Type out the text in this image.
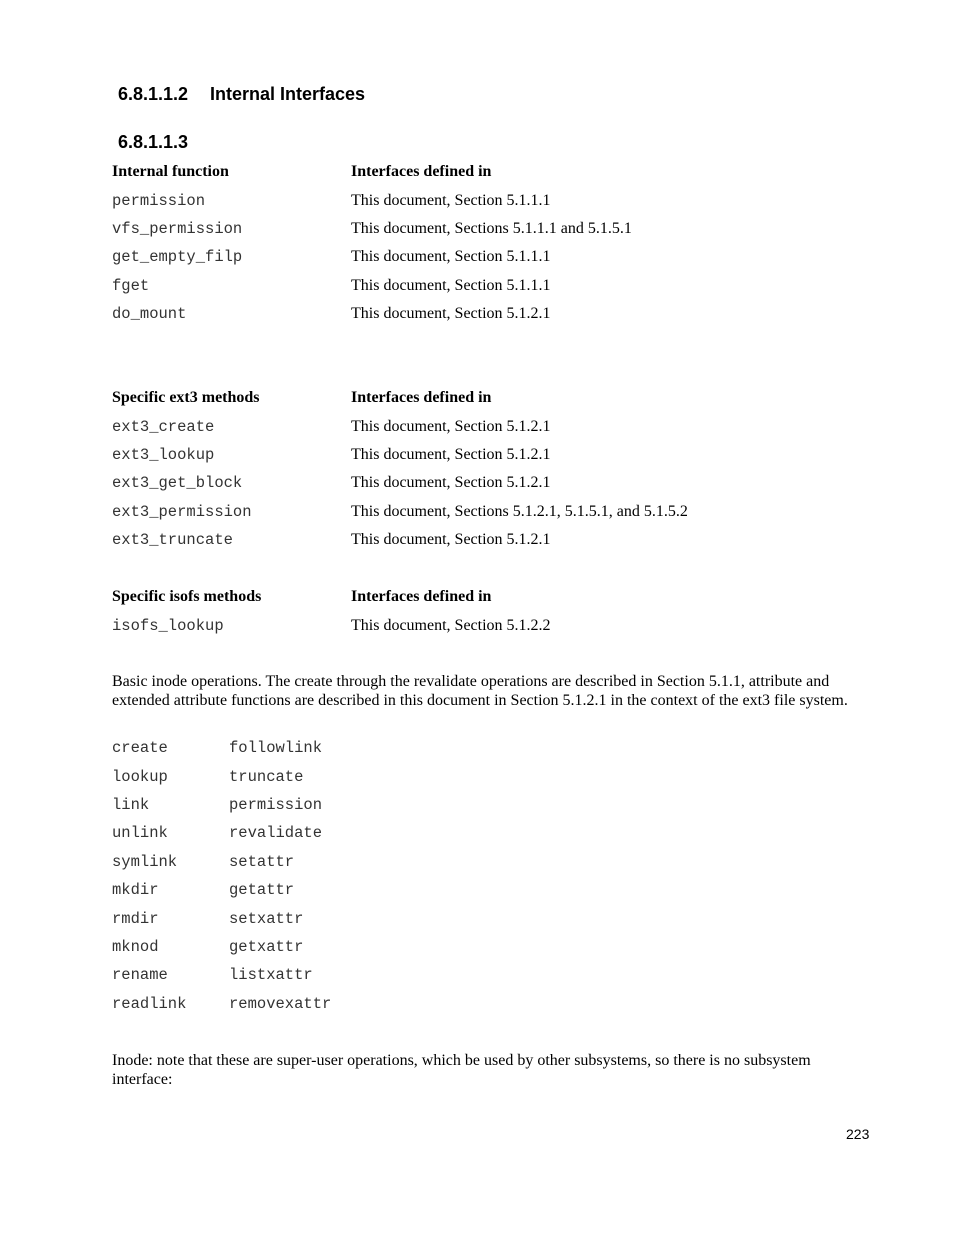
6.8.1.1.2 Internal Interfaces
6.8.1.1.3
Internal function	Interfaces defined in
permission	This document, Section 5.1.1.1
vfs_permission	This document, Sections 5.1.1.1 and 5.1.5.1
get_empty_filp	This document, Section 5.1.1.1
fget	This document, Section 5.1.1.1
do_mount	This document, Section 5.1.2.1
Specific ext3 methods	Interfaces defined in
ext3_create	This document, Section 5.1.2.1
ext3_lookup	This document, Section 5.1.2.1
ext3_get_block	This document, Section 5.1.2.1
ext3_permission	This document, Sections 5.1.2.1, 5.1.5.1, and 5.1.5.2
ext3_truncate	This document, Section 5.1.2.1
Specific isofs methods	Interfaces defined in
isofs_lookup	This document, Section 5.1.2.2

Basic inode operations. The create through the revalidate operations are described in Section 5.1.1, attribute and extended attribute functions are described in this document in Section 5.1.2.1 in the context of the ext3 file system.

create	followlink
lookup	truncate
link	permission
unlink	revalidate
symlink	setattr
mkdir	getattr
rmdir	setxattr
mknod	getxattr
rename	listxattr
readlink	removexattr

Inode: note that these are super-user operations, which be used by other subsystems, so there is no subsystem interface:

223
